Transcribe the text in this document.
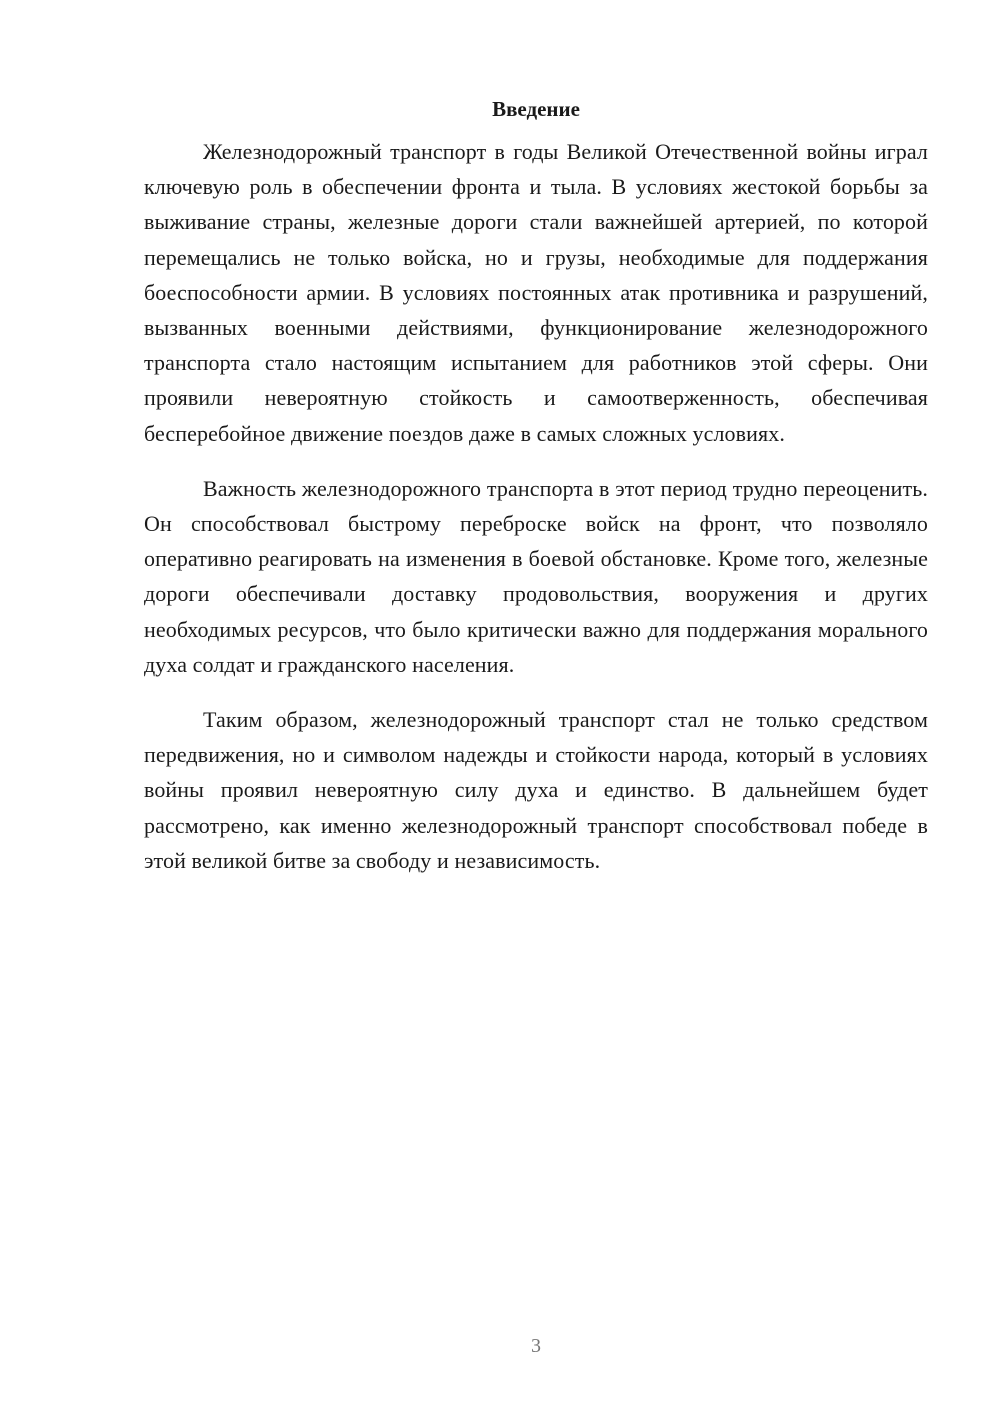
Введение

Железнодорожный транспорт в годы Великой Отечественной войны играл ключевую роль в обеспечении фронта и тыла. В условиях жестокой борьбы за выживание страны, железные дороги стали важнейшей артерией, по которой перемещались не только войска, но и грузы, необходимые для поддержания боеспособности армии. В условиях постоянных атак противника и разрушений, вызванных военными действиями, функционирование железнодорожного транспорта стало настоящим испытанием для работников этой сферы. Они проявили невероятную стойкость и самоотверженность, обеспечивая бесперебойное движение поездов даже в самых сложных условиях.

Важность железнодорожного транспорта в этот период трудно переоценить. Он способствовал быстрому переброске войск на фронт, что позволяло оперативно реагировать на изменения в боевой обстановке. Кроме того, железные дороги обеспечивали доставку продовольствия, вооружения и других необходимых ресурсов, что было критически важно для поддержания морального духа солдат и гражданского населения.

Таким образом, железнодорожный транспорт стал не только средством передвижения, но и символом надежды и стойкости народа, который в условиях войны проявил невероятную силу духа и единство. В дальнейшем будет рассмотрено, как именно железнодорожный транспорт способствовал победе в этой великой битве за свободу и независимость.

3
